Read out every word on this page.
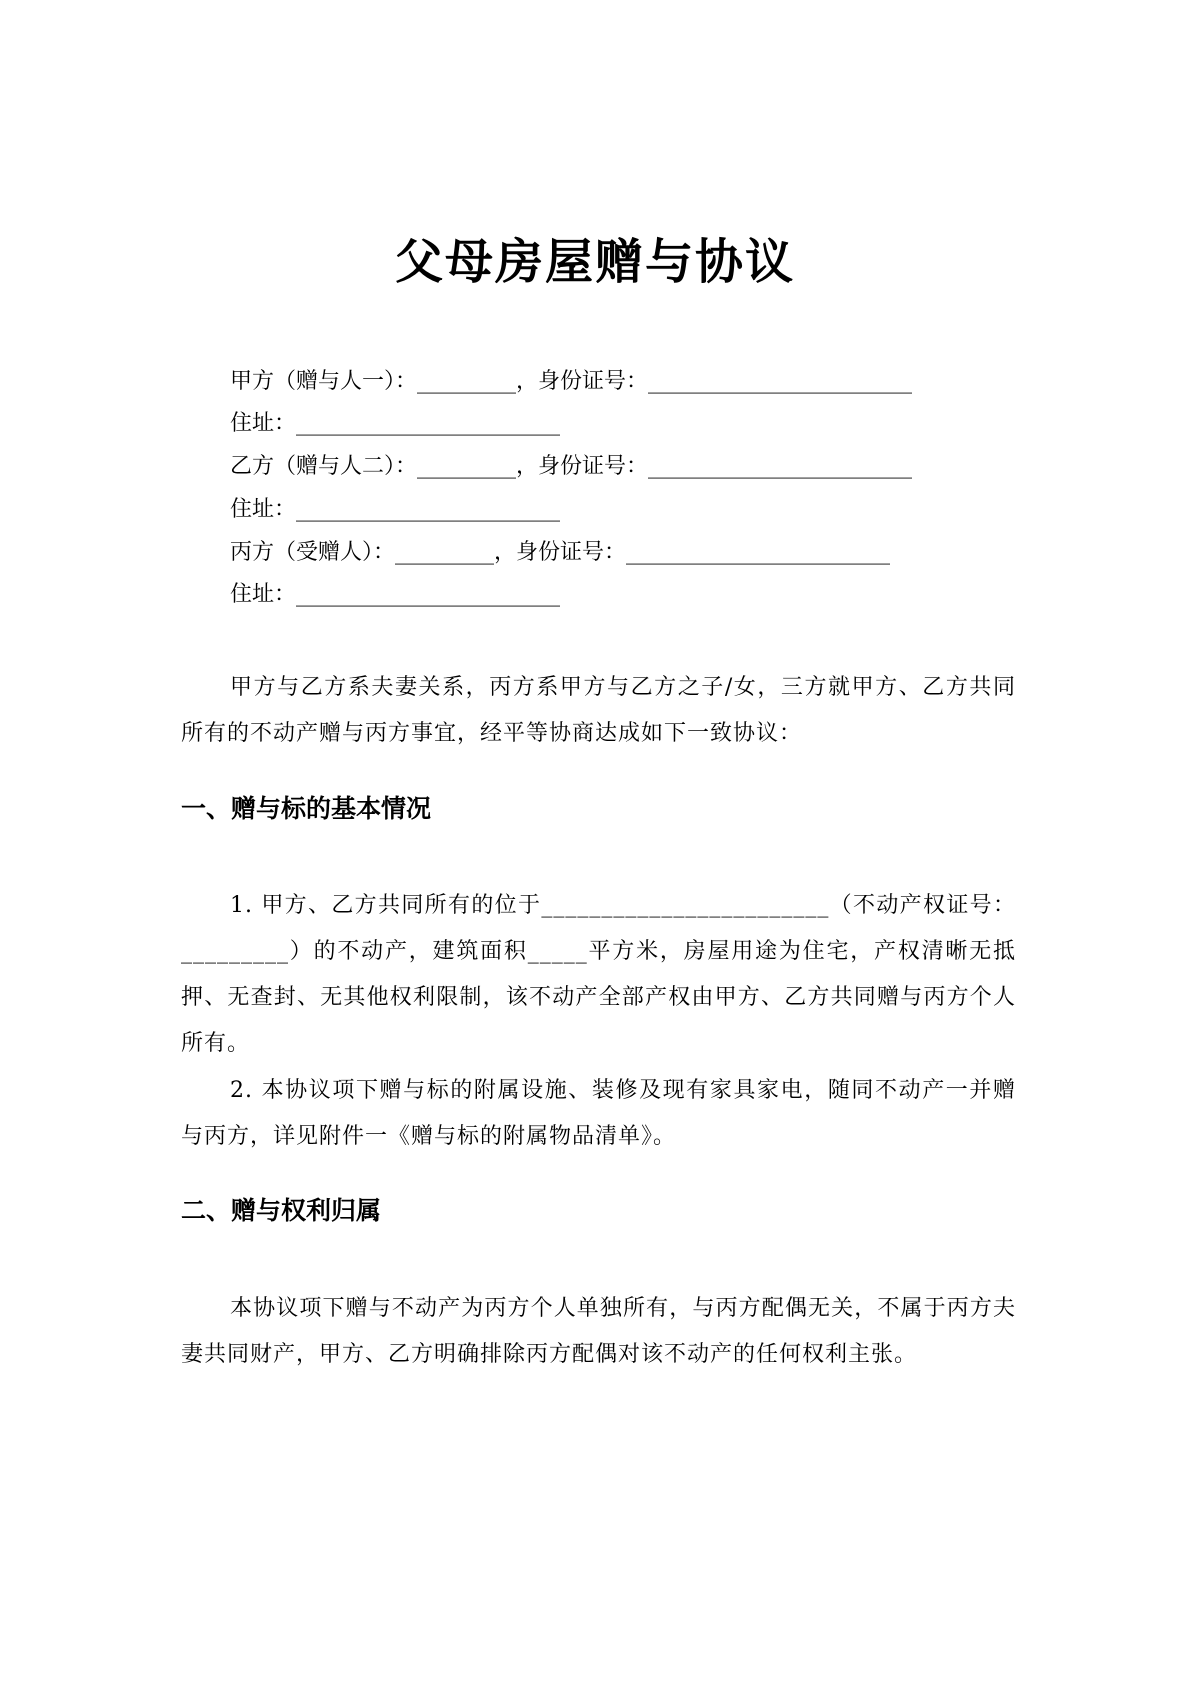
父母房屋赠与协议
甲方（赠与人一）：_________，身份证号：________________________
住址：________________________
乙方（赠与人二）：_________，身份证号：________________________
住址：________________________
丙方（受赠人）：_________，身份证号：________________________
住址：________________________
甲方与乙方系夫妻关系，丙方系甲方与乙方之子/女，三方就甲方、乙方共同所有的不动产赠与丙方事宜，经平等协商达成如下一致协议：
一、赠与标的基本情况
1. 甲方、乙方共同所有的位于________________________（不动产权证号：_________）的不动产，建筑面积_____平方米，房屋用途为住宅，产权清晰无抵押、无查封、无其他权利限制，该不动产全部产权由甲方、乙方共同赠与丙方个人所有。
2. 本协议项下赠与标的附属设施、装修及现有家具家电，随同不动产一并赠与丙方，详见附件一《赠与标的附属物品清单》。
二、赠与权利归属
本协议项下赠与不动产为丙方个人单独所有，与丙方配偶无关，不属于丙方夫妻共同财产，甲方、乙方明确排除丙方配偶对该不动产的任何权利主张。
